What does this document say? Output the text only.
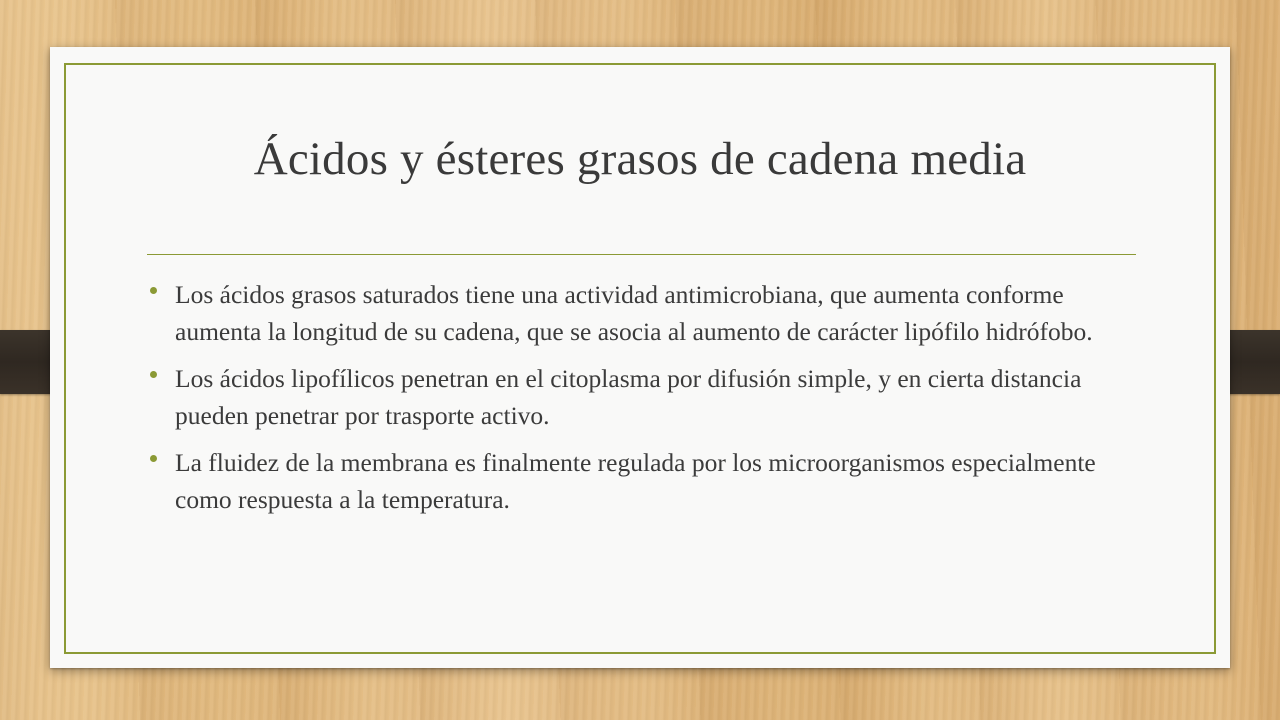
Ácidos y ésteres grasos de cadena media
Los ácidos grasos saturados tiene una actividad antimicrobiana, que aumenta conforme aumenta la longitud de su cadena, que se asocia al aumento de carácter lipófilo hidrófobo.
Los ácidos lipofílicos penetran en el citoplasma por difusión simple, y en cierta distancia pueden penetrar por trasporte activo.
La fluidez de la membrana es finalmente regulada por los microorganismos especialmente como respuesta a la temperatura.
